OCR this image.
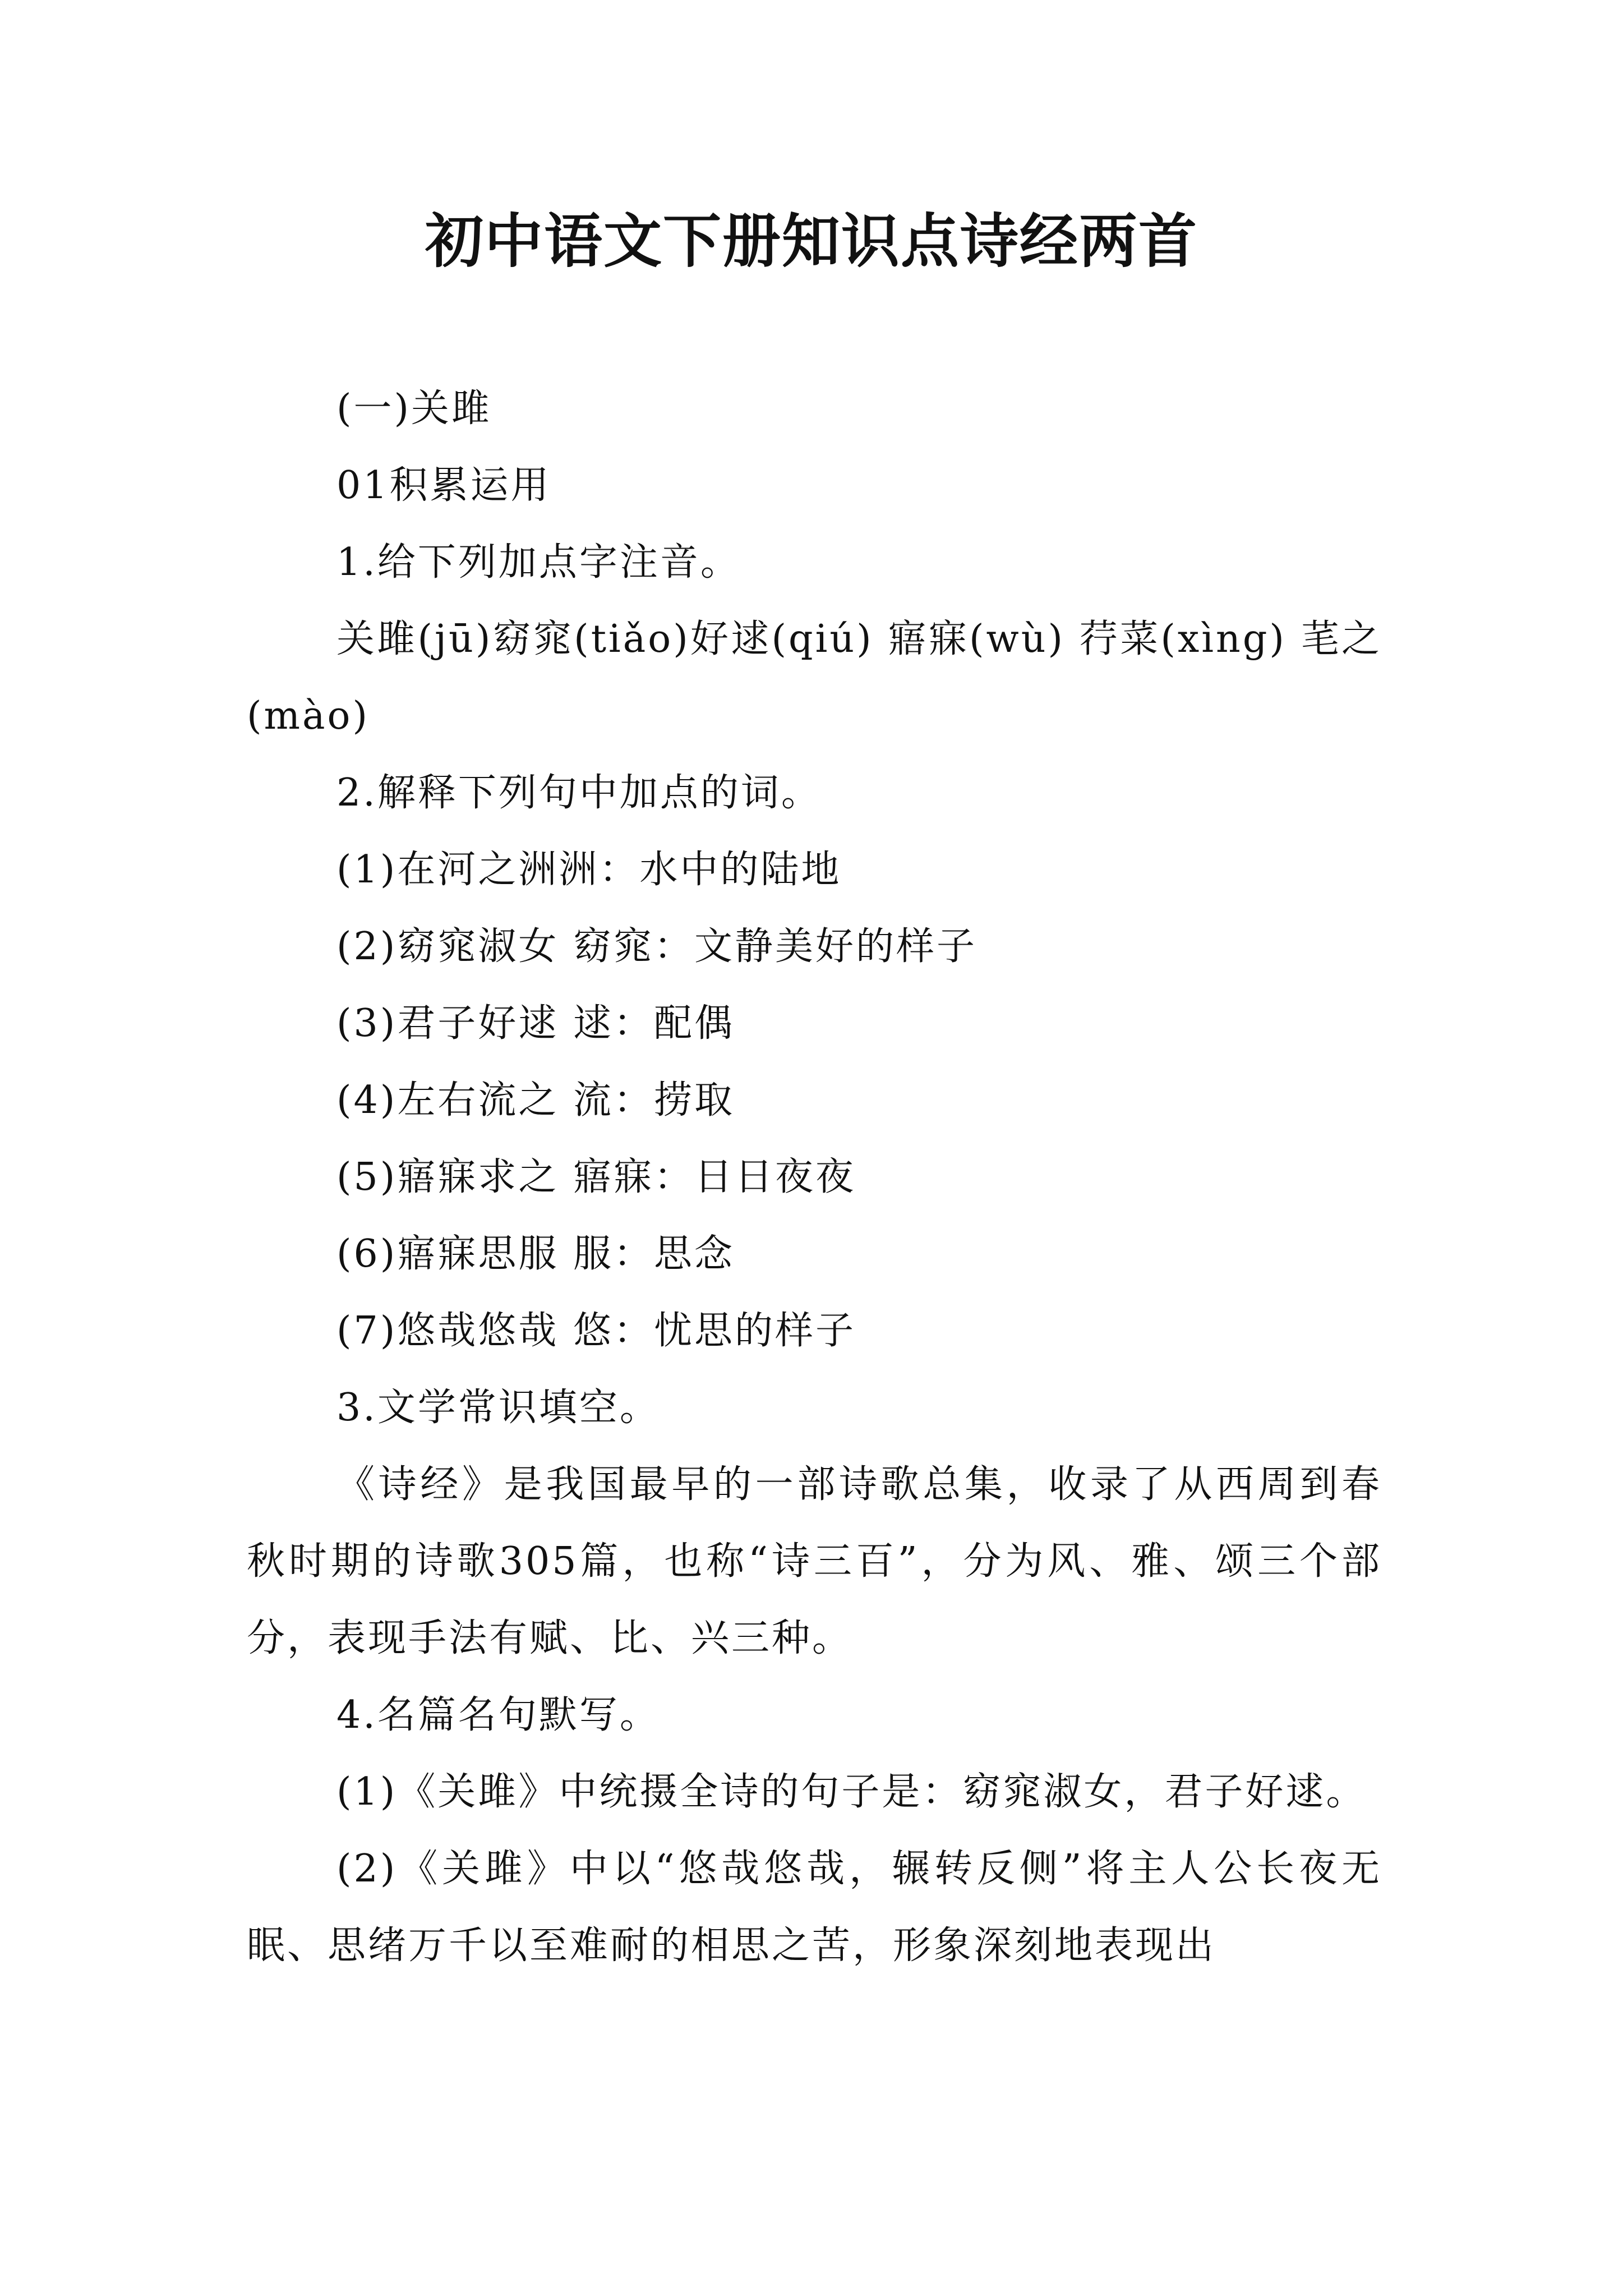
初中语文下册知识点诗经两首

(一)关雎

01积累运用

1.给下列加点字注音。

关雎(jū)窈窕(tiǎo)好逑(qiú) 寤寐(wù) 荇菜(xìng) 芼之(mào)

2.解释下列句中加点的词。

(1)在河之洲洲：水中的陆地

(2)窈窕淑女 窈窕：文静美好的样子

(3)君子好逑 逑：配偶

(4)左右流之 流：捞取

(5)寤寐求之 寤寐：日日夜夜

(6)寤寐思服 服：思念

(7)悠哉悠哉 悠：忧思的样子

3.文学常识填空。

《诗经》是我国最早的一部诗歌总集，收录了从西周到春秋时期的诗歌305篇，也称“诗三百”，分为风、雅、颂三个部分，表现手法有赋、比、兴三种。

4.名篇名句默写。

(1)《关雎》中统摄全诗的句子是：窈窕淑女，君子好逑。

(2)《关雎》中以“悠哉悠哉，辗转反侧”将主人公长夜无眠、思绪万千以至难耐的相思之苦，形象深刻地表现出
